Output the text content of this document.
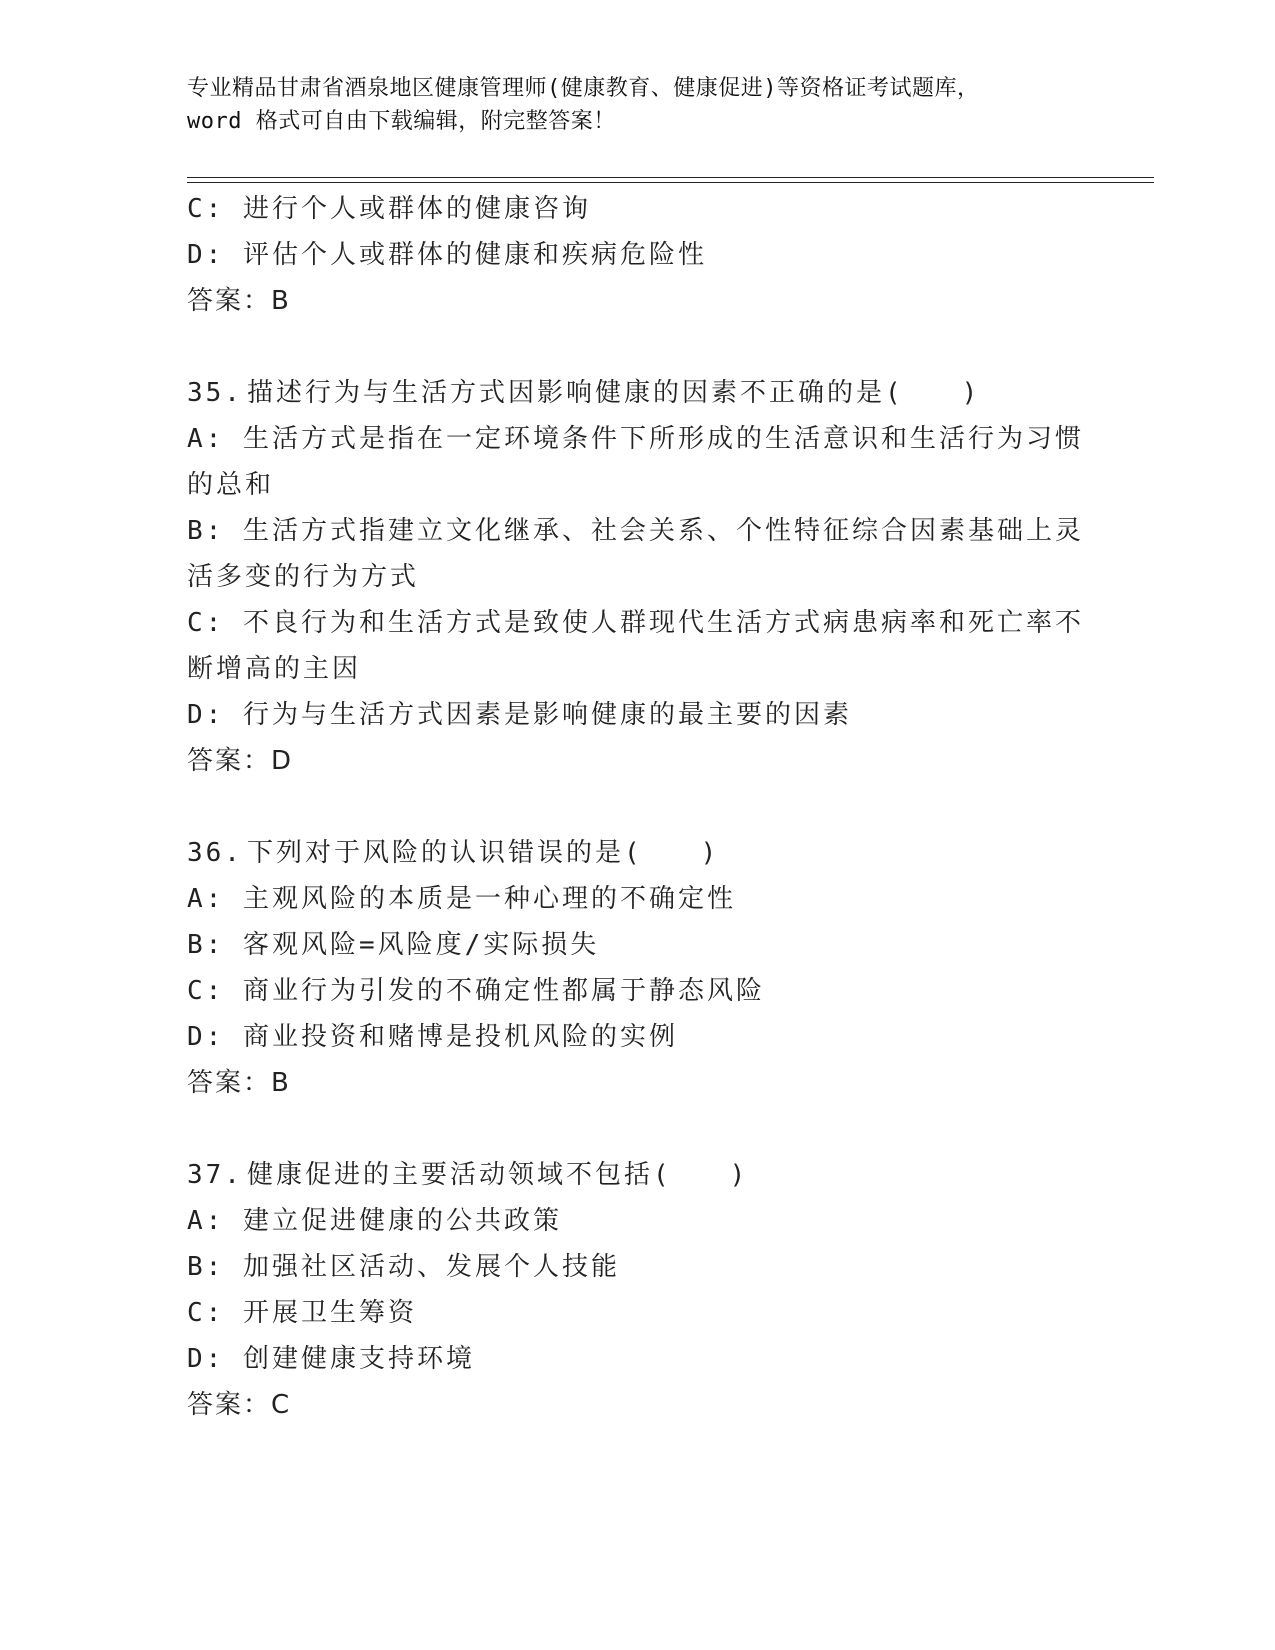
专业精品甘肃省酒泉地区健康管理师(健康教育、健康促进)等资格证考试题库，
word 格式可自由下载编辑，附完整答案！

C: 进行个人或群体的健康咨询

D: 评估个人或群体的健康和疾病危险性

答案：B

35. 描述行为与生活方式因影响健康的因素不正确的是(　　)

A: 生活方式是指在一定环境条件下所形成的生活意识和生活行为习惯

的总和

B: 生活方式指建立文化继承、社会关系、个性特征综合因素基础上灵

活多变的行为方式

C: 不良行为和生活方式是致使人群现代生活方式病患病率和死亡率不

断增高的主因

D: 行为与生活方式因素是影响健康的最主要的因素

答案：D

36. 下列对于风险的认识错误的是(　　)

A: 主观风险的本质是一种心理的不确定性

B: 客观风险=风险度/实际损失

C: 商业行为引发的不确定性都属于静态风险

D: 商业投资和赌博是投机风险的实例

答案：B

37. 健康促进的主要活动领域不包括(　　)

A: 建立促进健康的公共政策

B: 加强社区活动、发展个人技能

C: 开展卫生筹资

D: 创建健康支持环境

答案：C
